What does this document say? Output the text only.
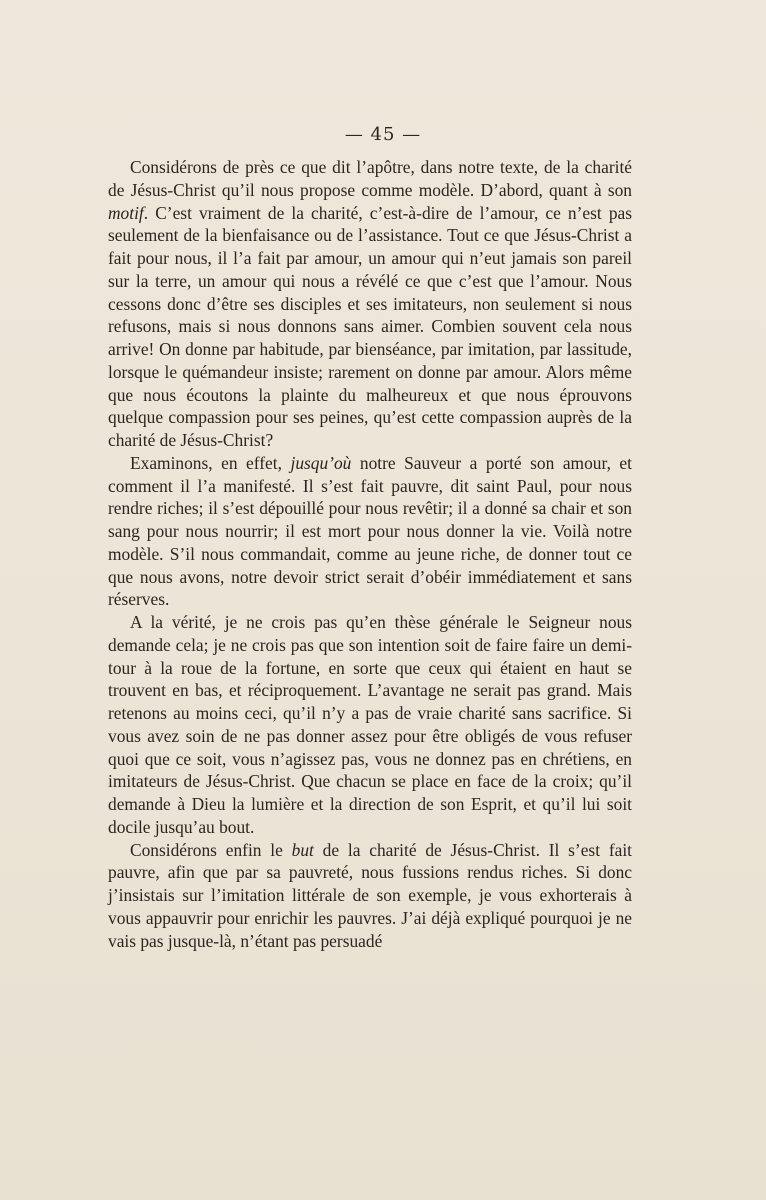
— 45 —

Considérons de près ce que dit l’apôtre, dans notre texte, de la charité de Jésus-Christ qu’il nous propose comme modèle. D’abord, quant à son motif. C’est vraiment de la charité, c’est-à-dire de l’amour, ce n’est pas seulement de la bienfaisance ou de l’assistance. Tout ce que Jésus-Christ a fait pour nous, il l’a fait par amour, un amour qui n’eut jamais son pareil sur la terre, un amour qui nous a révélé ce que c’est que l’amour. Nous cessons donc d’être ses disciples et ses imitateurs, non seulement si nous refusons, mais si nous donnons sans aimer. Combien souvent cela nous arrive! On donne par habitude, par bienséance, par imitation, par lassitude, lorsque le quémandeur insiste; rarement on donne par amour. Alors même que nous écoutons la plainte du malheureux et que nous éprouvons quelque compassion pour ses peines, qu’est cette compassion auprès de la charité de Jésus-Christ?

Examinons, en effet, jusqu’où notre Sauveur a porté son amour, et comment il l’a manifesté. Il s’est fait pauvre, dit saint Paul, pour nous rendre riches; il s’est dépouillé pour nous revêtir; il a donné sa chair et son sang pour nous nourrir; il est mort pour nous donner la vie. Voilà notre modèle. S’il nous commandait, comme au jeune riche, de donner tout ce que nous avons, notre devoir strict serait d’obéir immédiatement et sans réserves.

A la vérité, je ne crois pas qu’en thèse générale le Seigneur nous demande cela; je ne crois pas que son intention soit de faire faire un demi-tour à la roue de la fortune, en sorte que ceux qui étaient en haut se trouvent en bas, et réciproquement. L’avantage ne serait pas grand. Mais retenons au moins ceci, qu’il n’y a pas de vraie charité sans sacrifice. Si vous avez soin de ne pas donner assez pour être obligés de vous refuser quoi que ce soit, vous n’agissez pas, vous ne donnez pas en chrétiens, en imitateurs de Jésus-Christ. Que chacun se place en face de la croix; qu’il demande à Dieu la lumière et la direction de son Esprit, et qu’il lui soit docile jusqu’au bout.

Considérons enfin le but de la charité de Jésus-Christ. Il s’est fait pauvre, afin que par sa pauvreté, nous fussions rendus riches. Si donc j’insistais sur l’imitation littérale de son exemple, je vous exhorterais à vous appauvrir pour enrichir les pauvres. J’ai déjà expliqué pourquoi je ne vais pas jusque-là, n’étant pas persuadé
